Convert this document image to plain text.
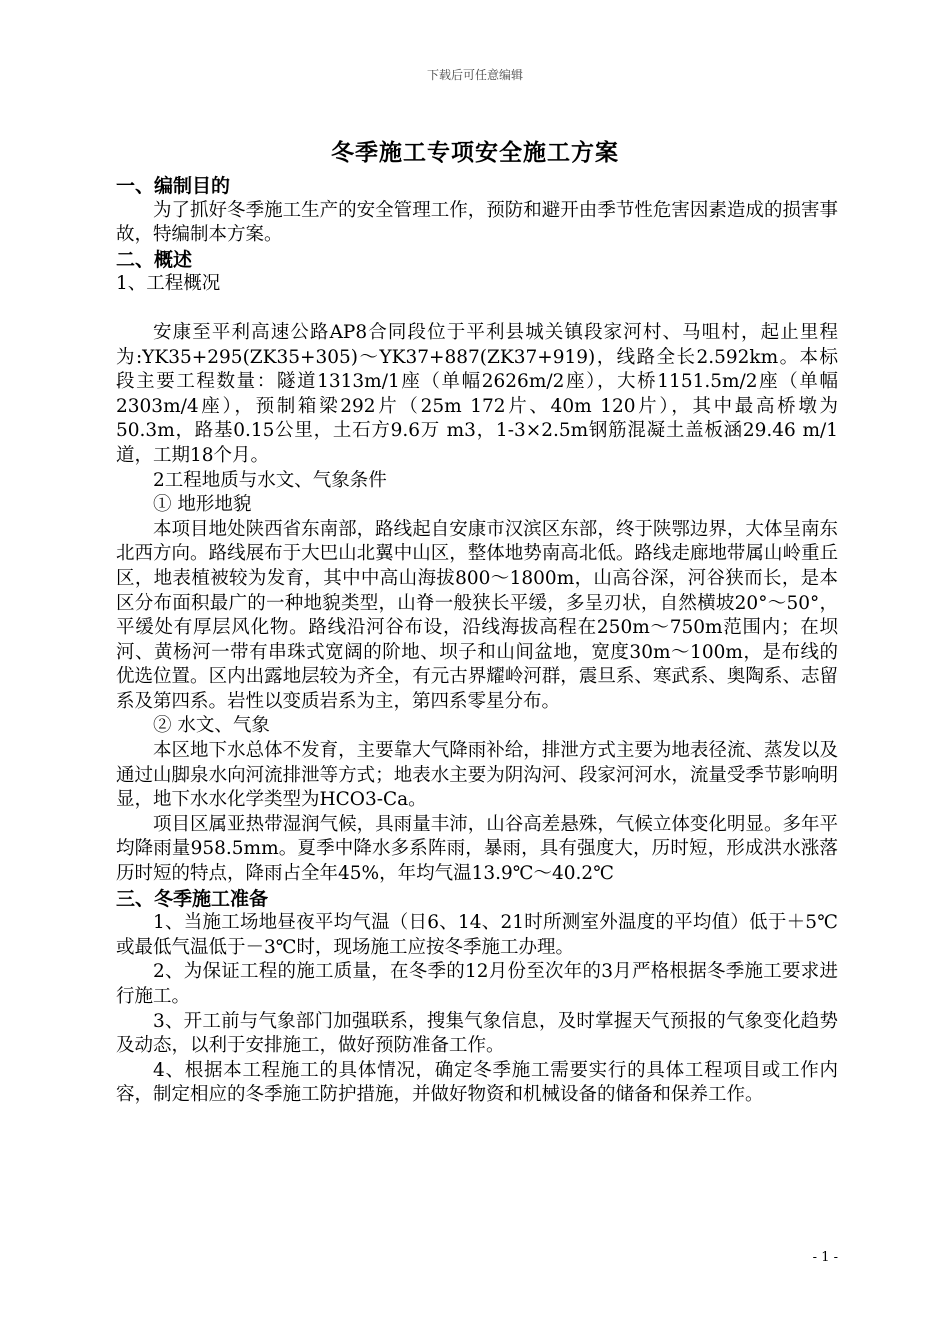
下载后可任意编辑
冬季施工专项安全施工方案
一、编制目的
为了抓好冬季施工生产的安全管理工作，预防和避开由季节性危害因素造成的损害事故，特编制本方案。
二、概述
1、工程概况
安康至平利高速公路AP8合同段位于平利县城关镇段家河村、马咀村，起止里程为:YK35+295(ZK35+305)～YK37+887(ZK37+919)，线路全长2.592km。本标段主要工程数量：隧道1313m/1座（单幅2626m/2座），大桥1151.5m/2座（单幅2303m/4座），预制箱梁292片（25m 172片、40m 120片），其中最高桥墩为50.3m，路基0.15公里，土石方9.6万 m3，1-3×2.5m钢筋混凝土盖板涵29.46 m/1道，工期18个月。
2工程地质与水文、气象条件
① 地形地貌
本项目地处陕西省东南部，路线起自安康市汉滨区东部，终于陕鄂边界，大体呈南东北西方向。路线展布于大巴山北翼中山区，整体地势南高北低。路线走廊地带属山岭重丘区，地表植被较为发育，其中中高山海拔800～1800m，山高谷深，河谷狭而长，是本区分布面积最广的一种地貌类型，山脊一般狭长平缓，多呈刃状，自然横坡20°～50°，平缓处有厚层风化物。路线沿河谷布设，沿线海拔高程在250m～750m范围内；在坝河、黄杨河一带有串珠式宽阔的阶地、坝子和山间盆地，宽度30m～100m，是布线的优选位置。区内出露地层较为齐全，有元古界耀岭河群，震旦系、寒武系、奥陶系、志留系及第四系。岩性以变质岩系为主，第四系零星分布。
② 水文、气象
本区地下水总体不发育，主要靠大气降雨补给，排泄方式主要为地表径流、蒸发以及通过山脚泉水向河流排泄等方式；地表水主要为阴沟河、段家河河水，流量受季节影响明显，地下水水化学类型为HCO3-Ca。
项目区属亚热带湿润气候，具雨量丰沛，山谷高差悬殊，气候立体变化明显。多年平均降雨量958.5mm。夏季中降水多系阵雨，暴雨，具有强度大，历时短，形成洪水涨落历时短的特点，降雨占全年45%，年均气温13.9℃～40.2℃
三、冬季施工准备
1、当施工场地昼夜平均气温（日6、14、21时所测室外温度的平均值）低于＋5℃或最低气温低于－3℃时，现场施工应按冬季施工办理。
2、为保证工程的施工质量，在冬季的12月份至次年的3月严格根据冬季施工要求进行施工。
3、开工前与气象部门加强联系，搜集气象信息，及时掌握天气预报的气象变化趋势及动态，以利于安排施工，做好预防准备工作。
4、根据本工程施工的具体情况，确定冬季施工需要实行的具体工程项目或工作内容，制定相应的冬季施工防护措施，并做好物资和机械设备的储备和保养工作。
- 1 -
